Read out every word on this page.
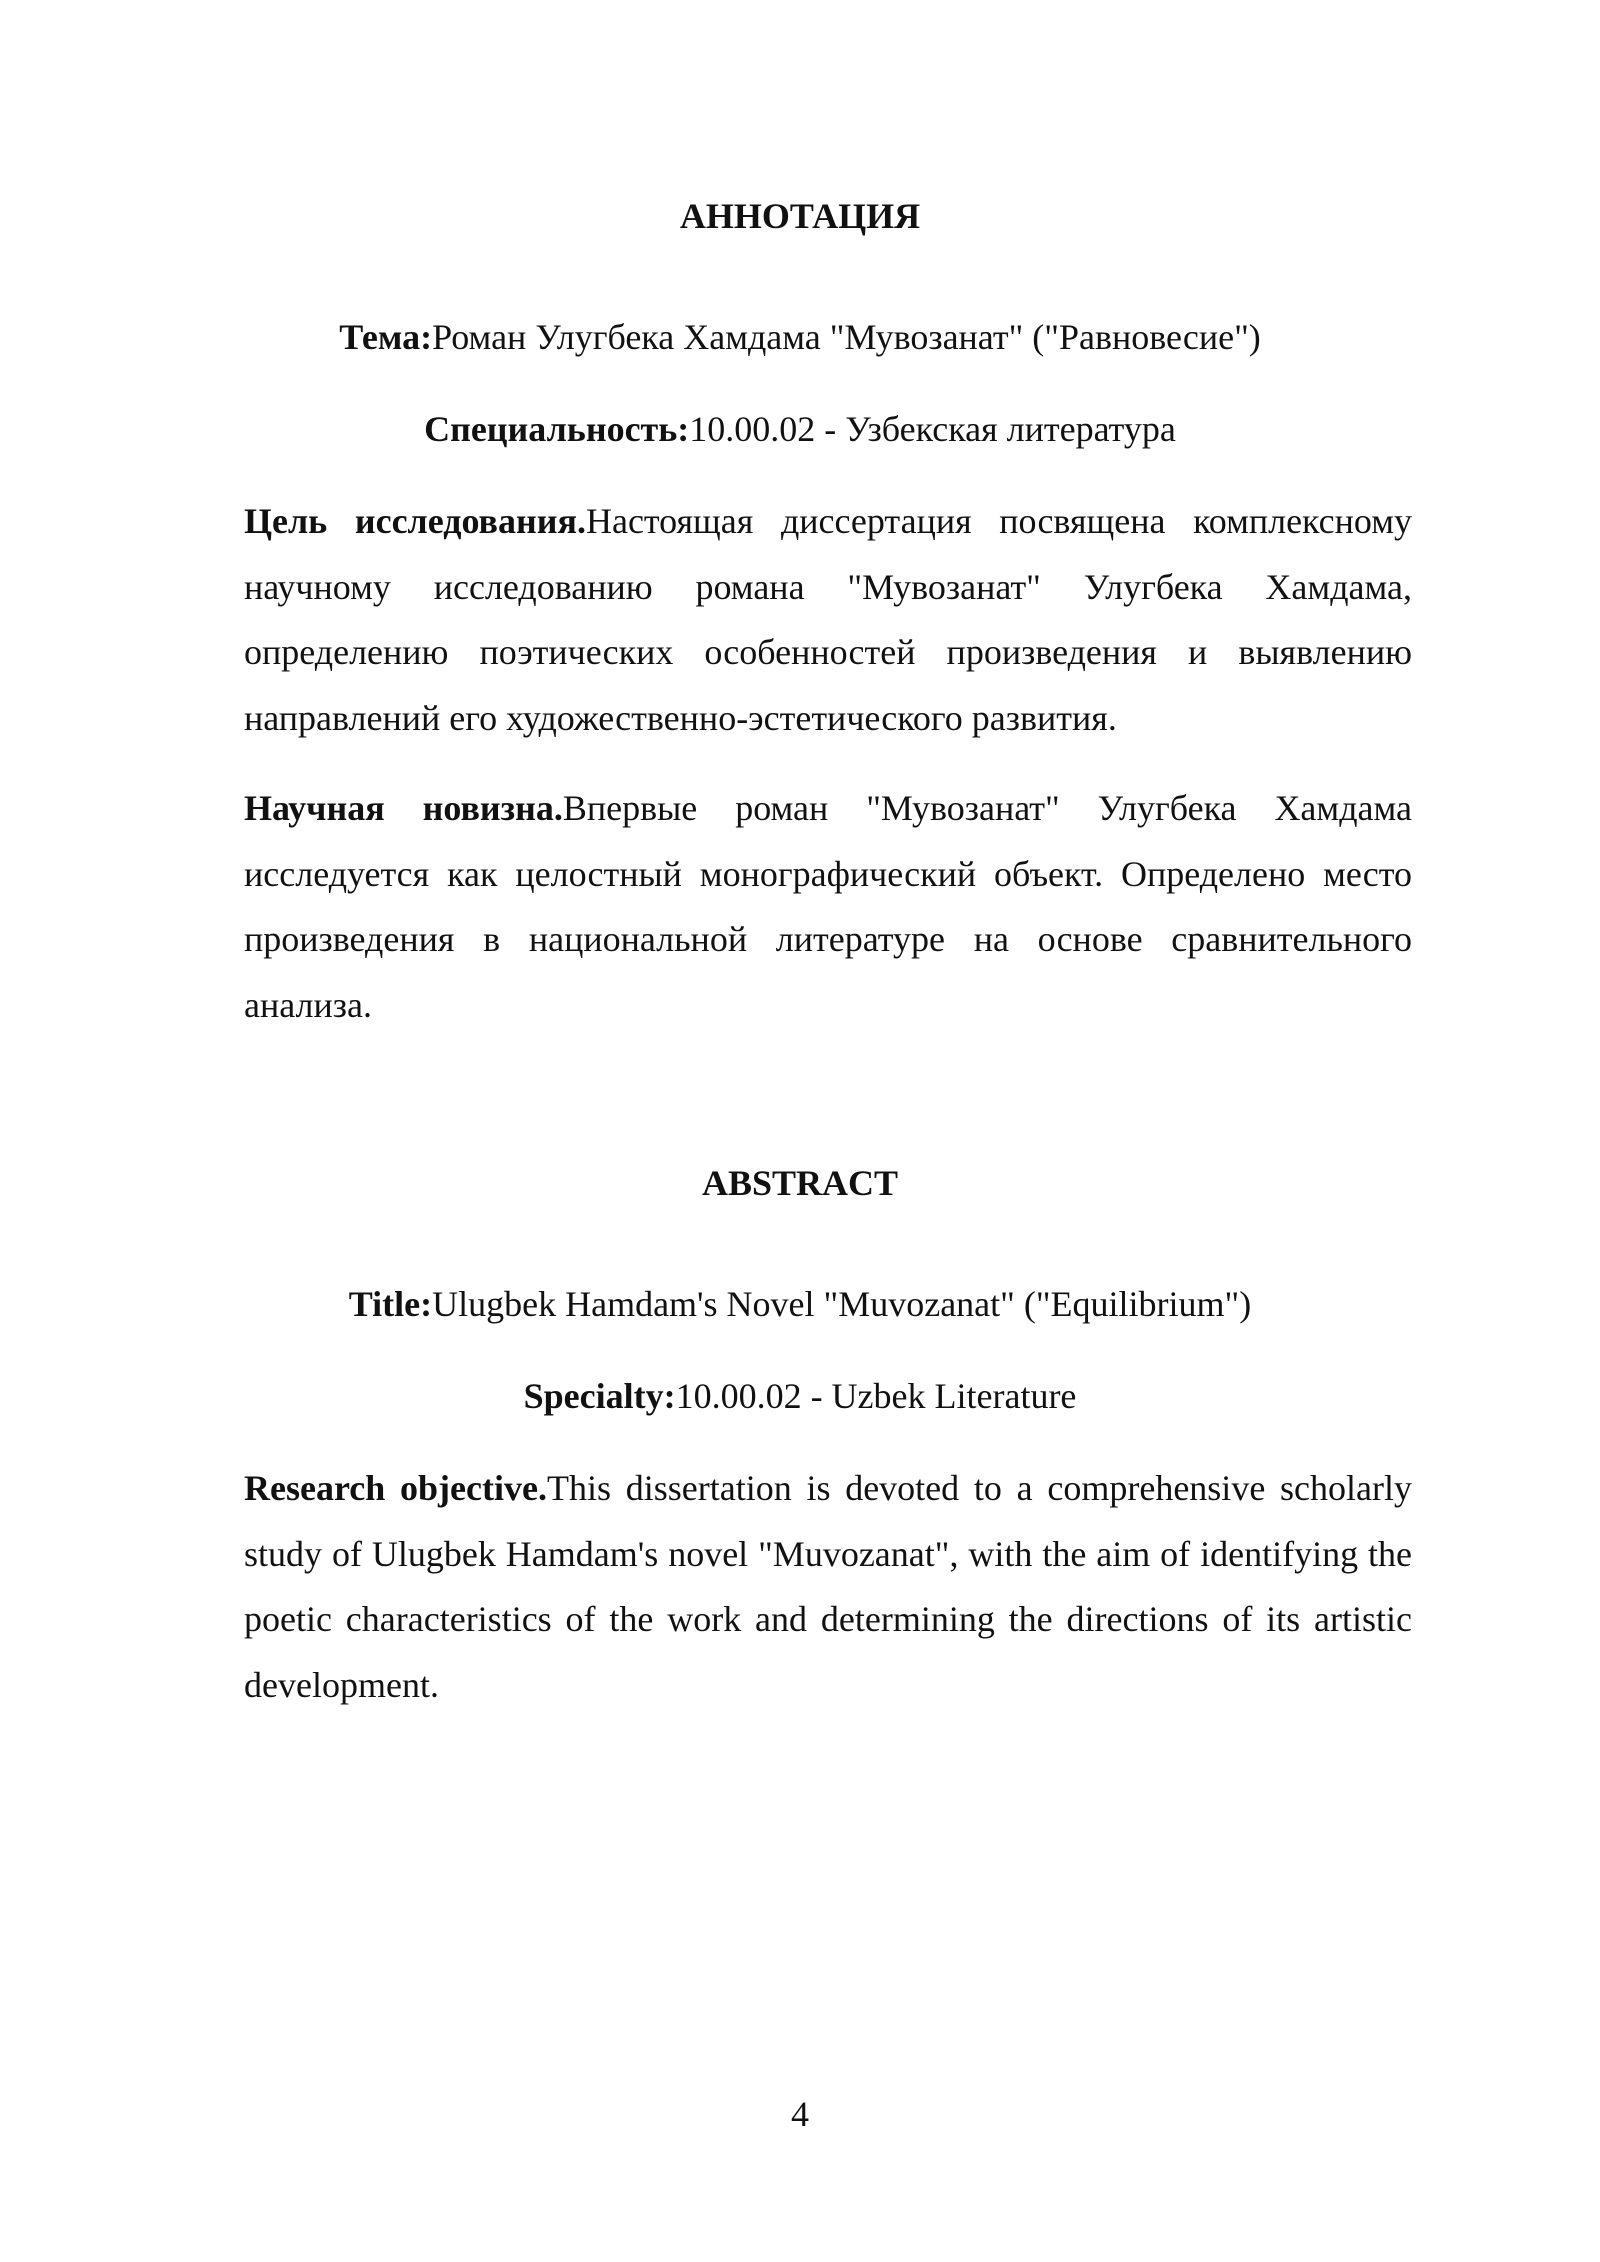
АННОТАЦИЯ

Тема:Роман Улугбека Хамдама "Мувозанат" ("Равновесие")

Специальность:10.00.02 - Узбекская литература

Цель исследования.Настоящая диссертация посвящена комплексному научному исследованию романа "Мувозанат" Улугбека Хамдама, определению поэтических особенностей произведения и выявлению направлений его художественно-эстетического развития.

Научная новизна.Впервые роман "Мувозанат" Улугбека Хамдама исследуется как целостный монографический объект. Определено место произведения в национальной литературе на основе сравнительного анализа.

ABSTRACT

Title:Ulugbek Hamdam's Novel "Muvozanat" ("Equilibrium")

Specialty:10.00.02 - Uzbek Literature

Research objective.This dissertation is devoted to a comprehensive scholarly study of Ulugbek Hamdam's novel "Muvozanat", with the aim of identifying the poetic characteristics of the work and determining the directions of its artistic development.

4
